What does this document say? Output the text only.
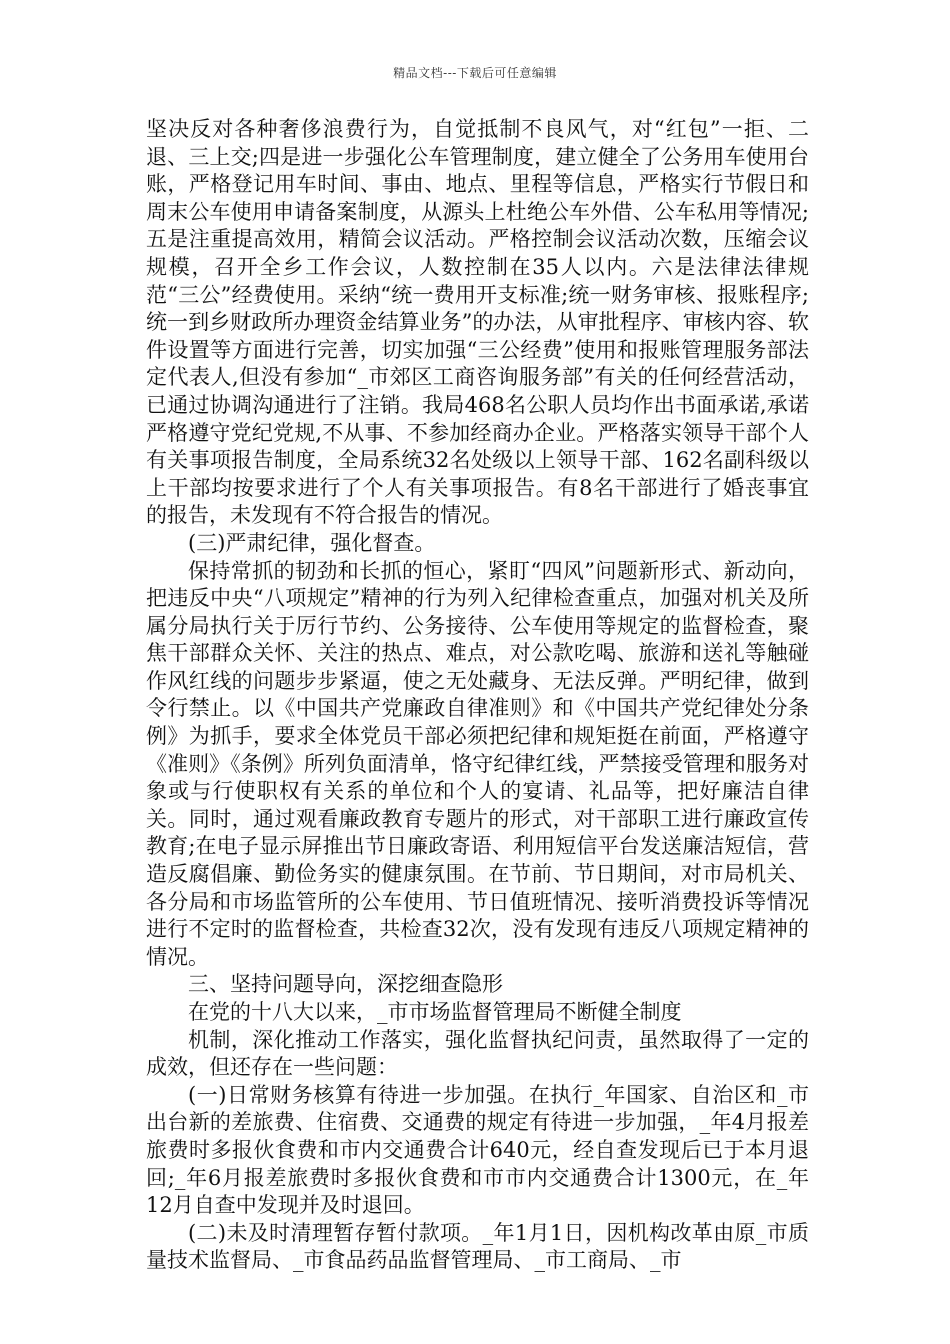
精品文档---下载后可任意编辑

坚决反对各种奢侈浪费行为，自觉抵制不良风气，对“红包”一拒、二退、三上交;四是进一步强化公车管理制度，建立健全了公务用车使用台账，严格登记用车时间、事由、地点、里程等信息，严格实行节假日和周末公车使用申请备案制度，从源头上杜绝公车外借、公车私用等情况;五是注重提高效用，精简会议活动。严格控制会议活动次数，压缩会议规模，召开全乡工作会议，人数控制在35人以内。六是法律法律规范“三公”经费使用。采纳“统一费用开支标准;统一财务审核、报账程序;统一到乡财政所办理资金结算业务”的办法，从审批程序、审核内容、软件设置等方面进行完善，切实加强“三公经费”使用和报账管理服务部法定代表人,但没有参加“_市郊区工商咨询服务部”有关的任何经营活动，已通过协调沟通进行了注销。我局468名公职人员均作出书面承诺,承诺严格遵守党纪党规,不从事、不参加经商办企业。严格落实领导干部个人有关事项报告制度，全局系统32名处级以上领导干部、162名副科级以上干部均按要求进行了个人有关事项报告。有8名干部进行了婚丧事宜的报告，未发现有不符合报告的情况。

(三)严肃纪律，强化督查。

保持常抓的韧劲和长抓的恒心，紧盯“四风”问题新形式、新动向，把违反中央“八项规定”精神的行为列入纪律检查重点，加强对机关及所属分局执行关于厉行节约、公务接待、公车使用等规定的监督检查，聚焦干部群众关怀、关注的热点、难点，对公款吃喝、旅游和送礼等触碰作风红线的问题步步紧逼，使之无处藏身、无法反弹。严明纪律，做到令行禁止。以《中国共产党廉政自律准则》和《中国共产党纪律处分条例》为抓手，要求全体党员干部必须把纪律和规矩挺在前面，严格遵守《准则》《条例》所列负面清单，恪守纪律红线，严禁接受管理和服务对象或与行使职权有关系的单位和个人的宴请、礼品等，把好廉洁自律关。同时，通过观看廉政教育专题片的形式，对干部职工进行廉政宣传教育;在电子显示屏推出节日廉政寄语、利用短信平台发送廉洁短信，营造反腐倡廉、勤俭务实的健康氛围。在节前、节日期间，对市局机关、各分局和市场监管所的公车使用、节日值班情况、接听消费投诉等情况进行不定时的监督检查，共检查32次，没有发现有违反八项规定精神的情况。

三、坚持问题导向，深挖细查隐形

在党的十八大以来，_市市场监督管理局不断健全制度

机制，深化推动工作落实，强化监督执纪问责，虽然取得了一定的成效，但还存在一些问题：

(一)日常财务核算有待进一步加强。在执行_年国家、自治区和_市出台新的差旅费、住宿费、交通费的规定有待进一步加强，_年4月报差旅费时多报伙食费和市内交通费合计640元，经自查发现后已于本月退回;_年6月报差旅费时多报伙食费和市市内交通费合计1300元，在_年12月自查中发现并及时退回。

(二)未及时清理暂存暂付款项。_年1月1日，因机构改革由原_市质量技术监督局、_市食品药品监督管理局、_市工商局、_市
